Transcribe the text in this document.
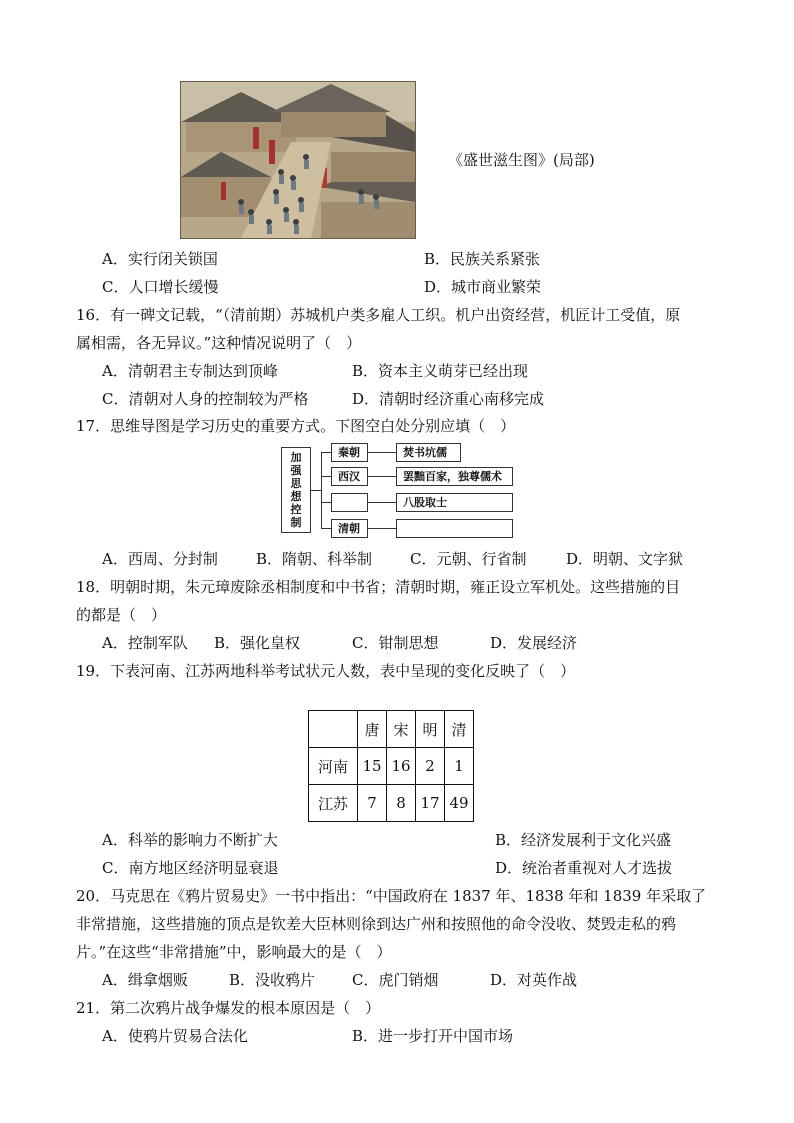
《盛世滋生图》(局部)
A．实行闭关锁国	B．民族关系紧张
C．人口增长缓慢	D．城市商业繁荣
16．有一碑文记载，“（清前期）苏城机户类多雇人工织。机户出资经营，机匠计工受值，原
属相需，各无异议。”这种情况说明了（　）
A．清朝君主专制达到顶峰	B．资本主义萌芽已经出现
C．清朝对人身的控制较为严格	D．清朝时经济重心南移完成
17．思维导图是学习历史的重要方式。下图空白处分别应填（　）
加
强
思
想
控
制
秦朝	焚书坑儒
西汉	罢黜百家，独尊儒术
八股取士
清朝
A．西周、分封制	B．隋朝、科举制	C．元朝、行省制	D．明朝、文字狱
18．明朝时期，朱元璋废除丞相制度和中书省；清朝时期，雍正设立军机处。这些措施的目
的都是（　）
A．控制军队 B．强化皇权	C．钳制思想	D．发展经济
19．下表河南、江苏两地科举考试状元人数，表中呈现的变化反映了（　）
	唐	宋	明	清
河南	15	16	2	1
江苏	7	8	17	49
A．科举的影响力不断扩大	B．经济发展利于文化兴盛
C．南方地区经济明显衰退	D．统治者重视对人才选拔
20．马克思在《鸦片贸易史》一书中指出：“中国政府在 1837 年、1838 年和 1839 年采取了
非常措施，这些措施的顶点是钦差大臣林则徐到达广州和按照他的命令没收、焚毁走私的鸦
片。”在这些“非常措施”中，影响最大的是（　）
A．缉拿烟贩	B．没收鸦片 C．虎门销烟	D．对英作战
21．第二次鸦片战争爆发的根本原因是（　）
A．使鸦片贸易合法化	B．进一步打开中国市场
